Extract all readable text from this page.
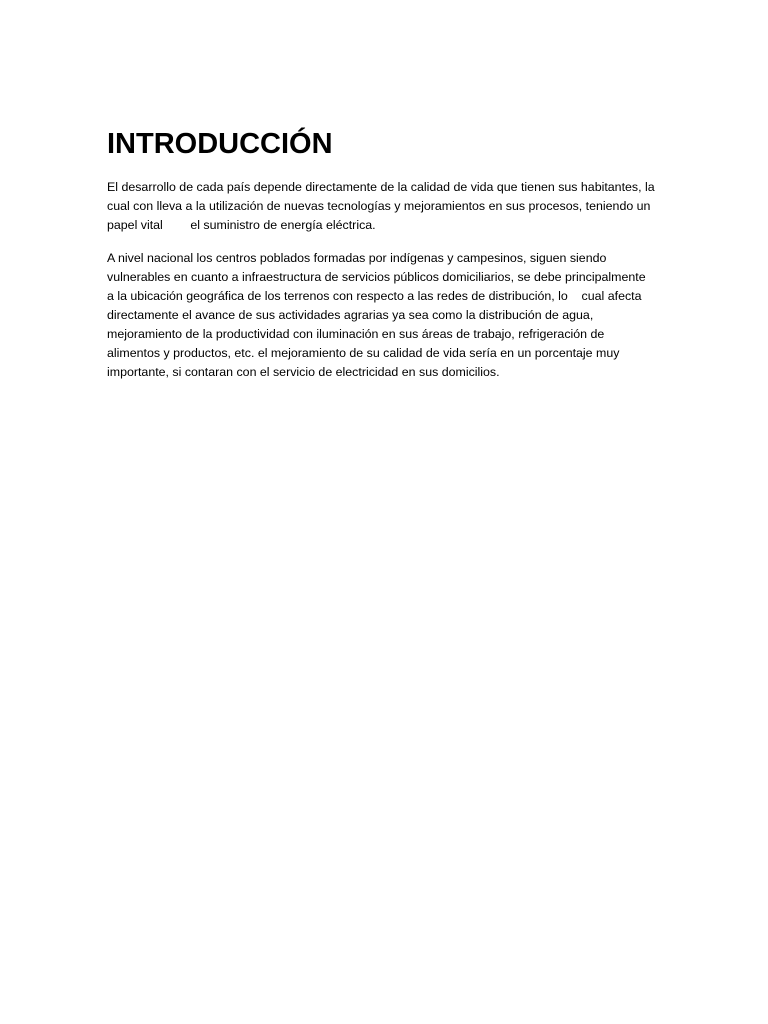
INTRODUCCIÓN

El desarrollo de cada país depende directamente de la calidad de vida que tienen sus habitantes, la
cual con lleva a la utilización de nuevas tecnologías y mejoramientos en sus procesos, teniendo un
papel vital        el suministro de energía eléctrica.

A nivel nacional los centros poblados formadas por indígenas y campesinos, siguen siendo
vulnerables en cuanto a infraestructura de servicios públicos domiciliarios, se debe principalmente
a la ubicación geográfica de los terrenos con respecto a las redes de distribución, lo    cual afecta
directamente el avance de sus actividades agrarias ya sea como la distribución de agua,
mejoramiento de la productividad con iluminación en sus áreas de trabajo, refrigeración de
alimentos y productos, etc. el mejoramiento de su calidad de vida sería en un porcentaje muy
importante, si contaran con el servicio de electricidad en sus domicilios.
